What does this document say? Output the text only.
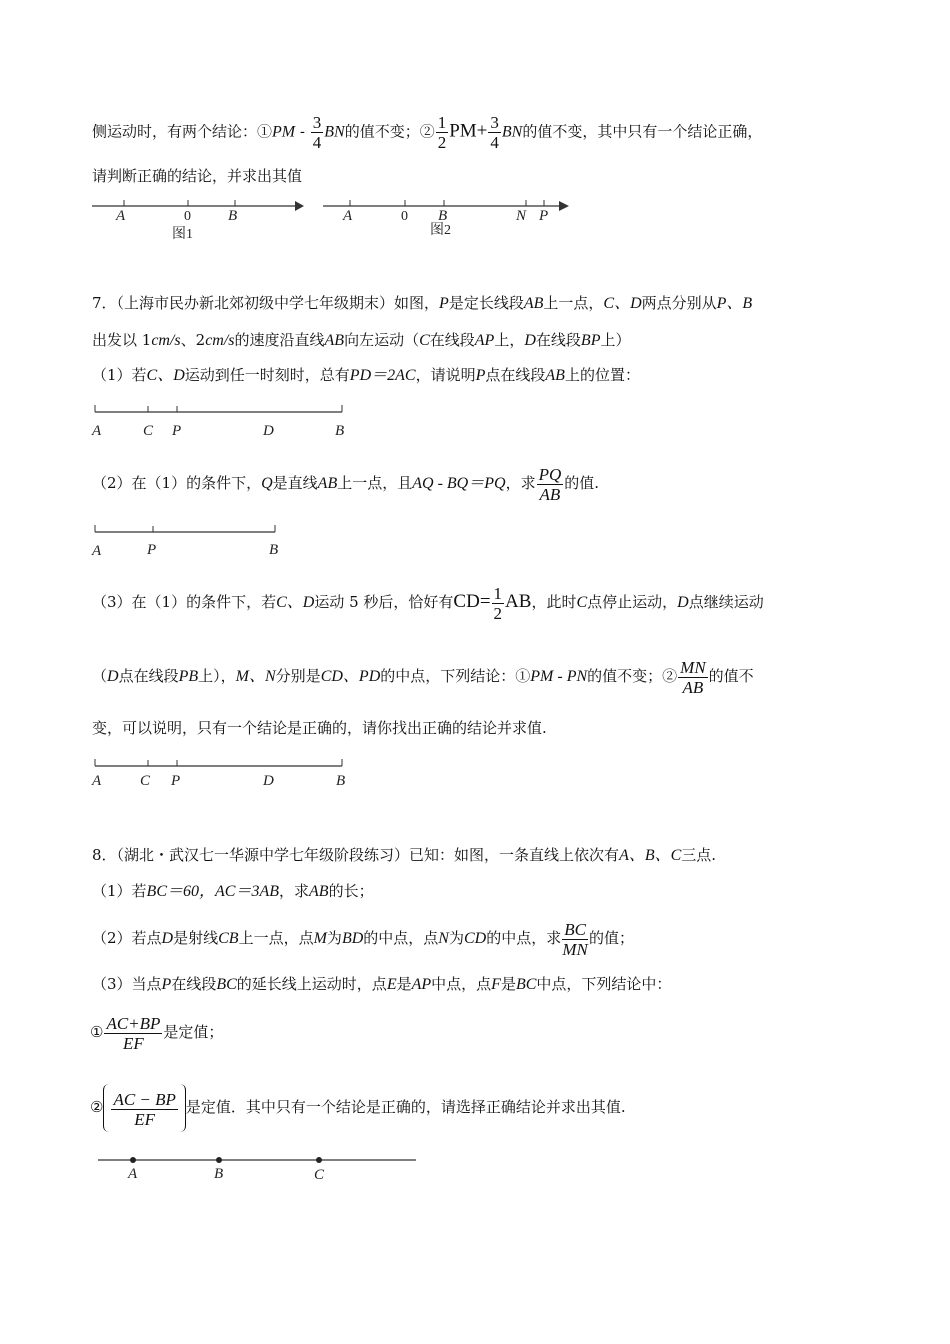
侧运动时，有两个结论：①PM - $\frac{3}{4}$ BN的值不变；② $\frac{1}{2} PM+ \frac{3}{4}$ BN的值不变，其中只有一个结论正确，
请判断正确的结论，并求出其值
A	0 B
图1
A	0 B	N P
图2
7．（上海市民办新北郊初级中学七年级期末）如图，P是定长线段AB上一点，C、D两点分别从P、B
出发以 1cm/s、2cm/s的速度沿直线AB向左运动（C在线段AP上，D在线段BP上）
（1）若C、D运动到任一时刻时，总有PD＝2AC，请说明P点在线段AB上的位置：
A	C P	D	B
（2）在（1）的条件下，Q是直线AB上一点，且AQ - BQ＝PQ，求 $\frac{PQ}{AB}$ 的值.
A	P	B
（3）在（1）的条件下，若C、D运动 5 秒后，恰好有$CD= \frac{1}{2}$ AB，此时C点停止运动，D点继续运动
（D点在线段PB上），M、N分别是CD、PD的中点，下列结论：①PM - PN的值不变；② $\frac{MN}{AB}$ 的值不
变，可以说明，只有一个结论是正确的，请你找出正确的结论并求值.
A	C P	D	B
8．（湖北・武汉七一华源中学七年级阶段练习）已知：如图，一条直线上依次有A、B、C三点.
（1）若BC＝60，AC＝3AB，求AB的长；
（2）若点D是射线CB上一点，点M为BD的中点，点N为CD的中点，求 $\frac{BC}{MN}$ 的值；
（3）当点P在线段BC的延长线上运动时，点E是AP中点，点F是BC中点，下列结论中：
① $\frac{AC+BP}{EF}$ 是定值；
② $\frac{AC - BP}{EF}$ 是定值．其中只有一个结论是正确的，请选择正确结论并求出其值.
A	B	C
